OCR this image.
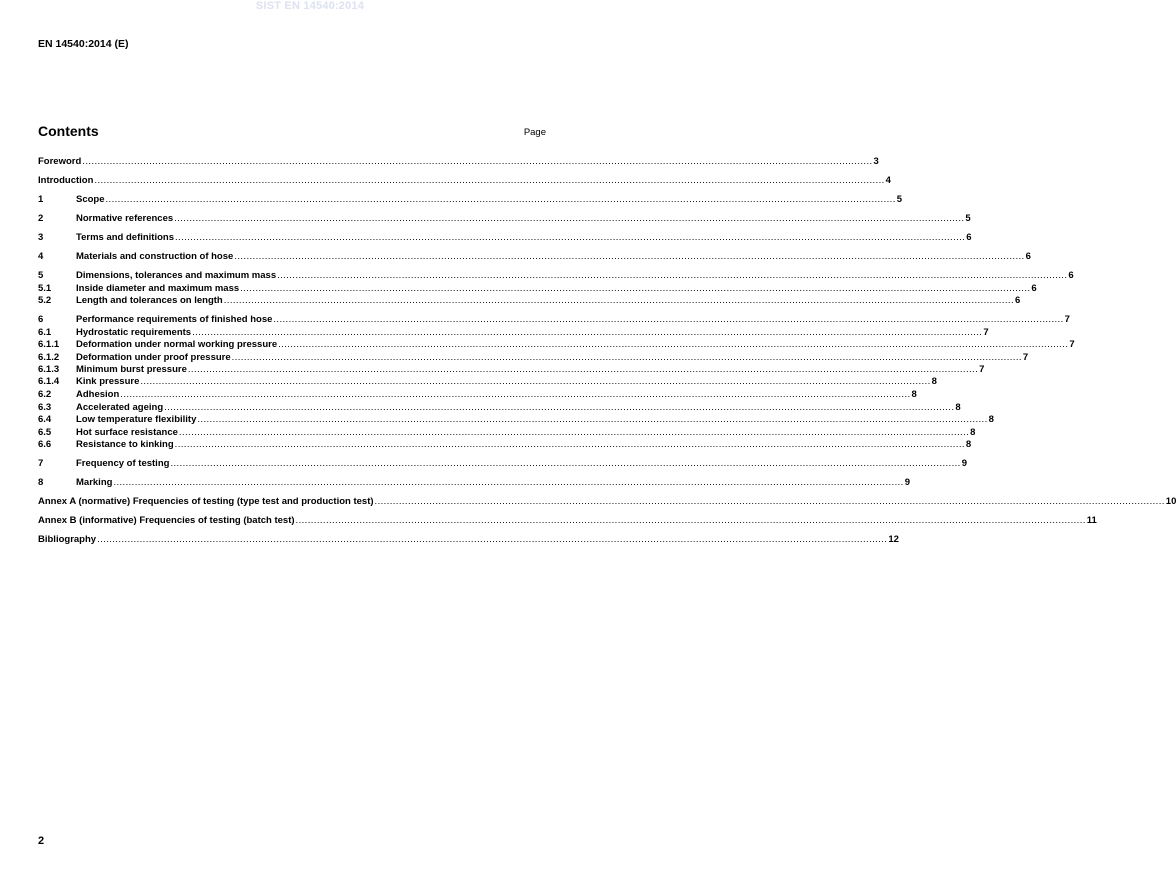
SIST EN 14540:2014
EN 14540:2014 (E)
Contents	Page
Foreword .................................................................................................................................................................................................................................................................... 3
Introduction .................................................................................................................................................................................................................................................................... 4
1	Scope .................................................................................................................................................................................................................................................................... 5
2	Normative references .................................................................................................................................................................................................................................................................... 5
3	Terms and definitions .................................................................................................................................................................................................................................................................... 6
4	Materials and construction of hose .................................................................................................................................................................................................................................................................... 6
5	Dimensions, tolerances and maximum mass .................................................................................................................................................................................................................................................................... 6
5.1	Inside diameter and maximum mass .................................................................................................................................................................................................................................................................... 6
5.2	Length and tolerances on length .................................................................................................................................................................................................................................................................... 6
6	Performance requirements of finished hose .................................................................................................................................................................................................................................................................... 7
6.1	Hydrostatic requirements .................................................................................................................................................................................................................................................................... 7
6.1.1	Deformation under normal working pressure .................................................................................................................................................................................................................................................................... 7
6.1.2	Deformation under proof pressure .................................................................................................................................................................................................................................................................... 7
6.1.3	Minimum burst pressure .................................................................................................................................................................................................................................................................... 7
6.1.4	Kink pressure .................................................................................................................................................................................................................................................................... 8
6.2	Adhesion .................................................................................................................................................................................................................................................................... 8
6.3	Accelerated ageing .................................................................................................................................................................................................................................................................... 8
6.4	Low temperature flexibility .................................................................................................................................................................................................................................................................... 8
6.5	Hot surface resistance .................................................................................................................................................................................................................................................................... 8
6.6	Resistance to kinking .................................................................................................................................................................................................................................................................... 8
7	Frequency of testing .................................................................................................................................................................................................................................................................... 9
8	Marking .................................................................................................................................................................................................................................................................... 9
Annex A (normative) Frequencies of testing (type test and production test) .................................................................................................................................................................................................................................................................... 10
Annex B (informative) Frequencies of testing (batch test) .................................................................................................................................................................................................................................................................... 11
Bibliography .................................................................................................................................................................................................................................................................... 12
2
